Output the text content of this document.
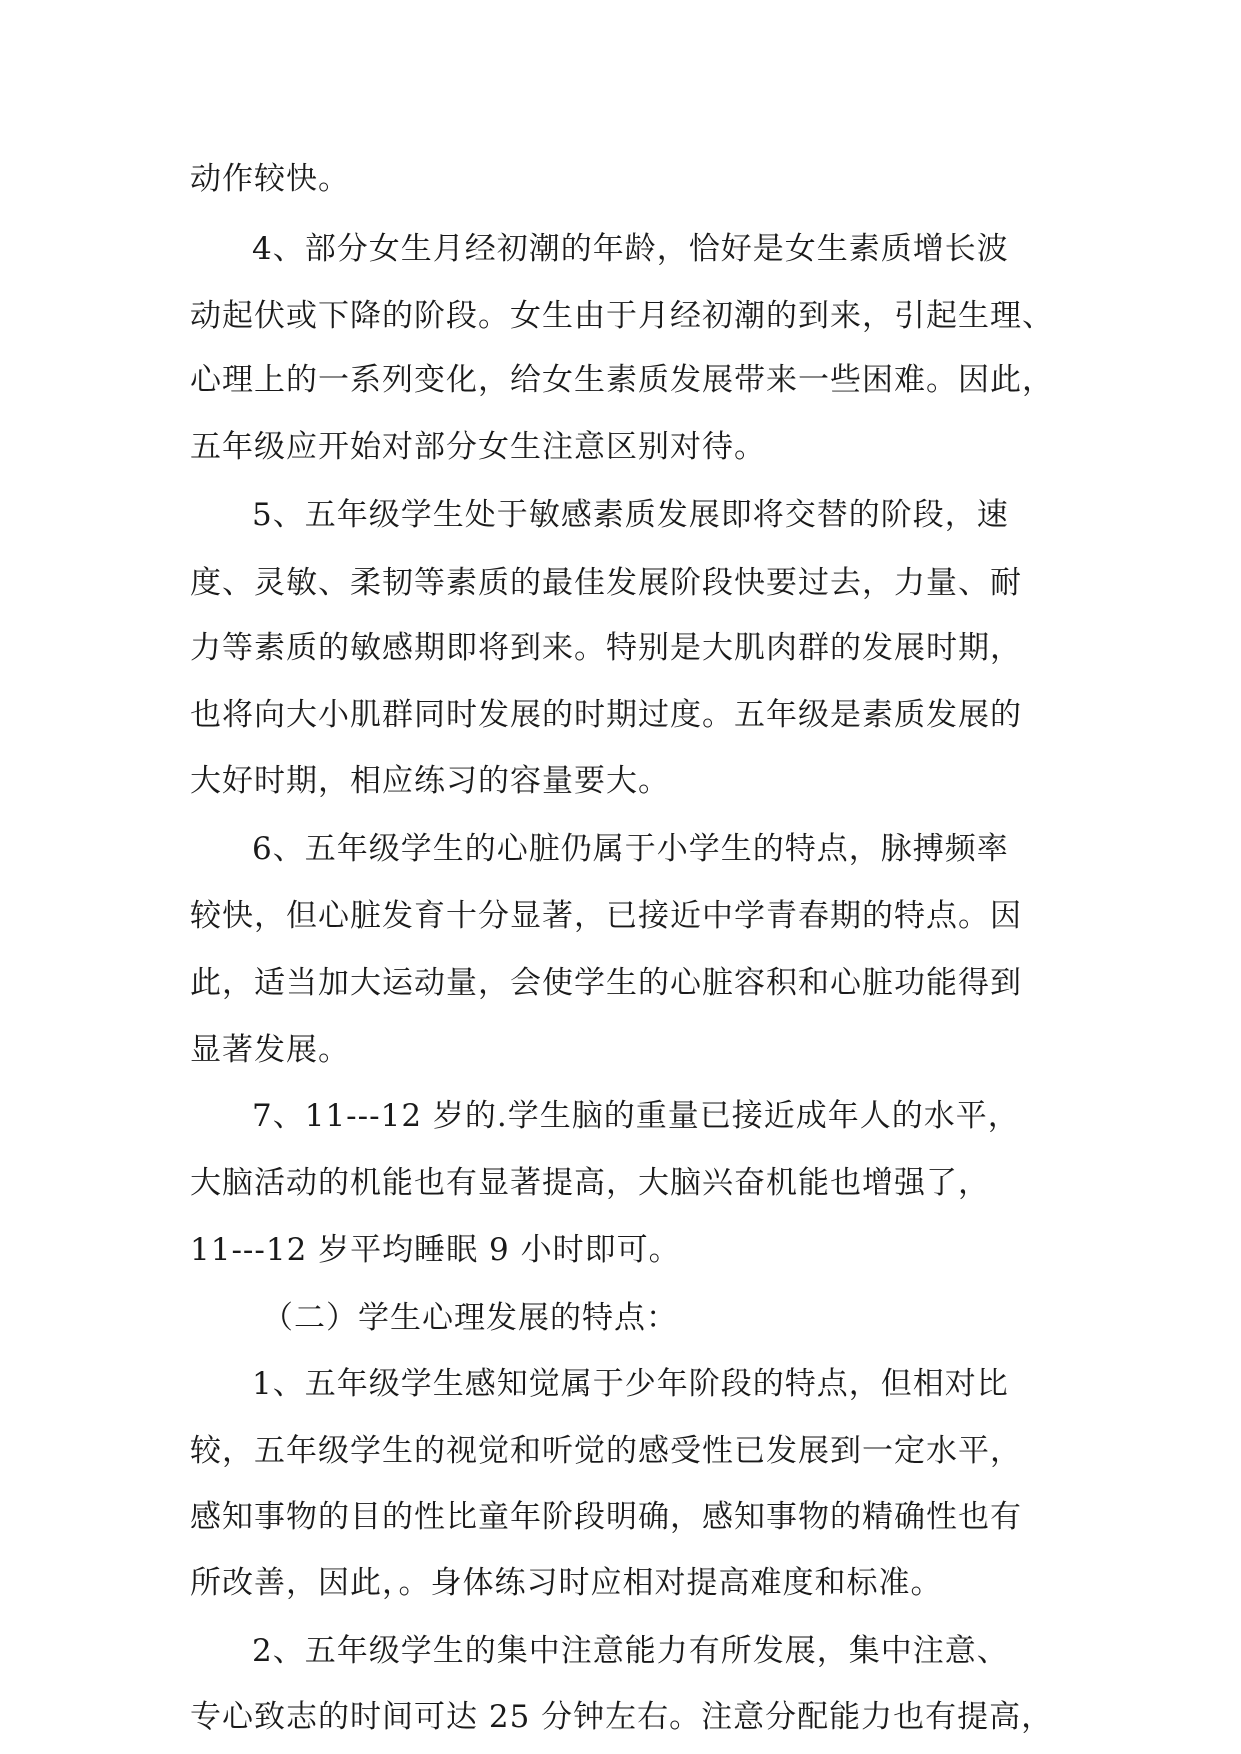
动作较快。
4、部分女生月经初潮的年龄，恰好是女生素质增长波
动起伏或下降的阶段。女生由于月经初潮的到来，引起生理、
心理上的一系列变化，给女生素质发展带来一些困难。因此，
五年级应开始对部分女生注意区别对待。
5、五年级学生处于敏感素质发展即将交替的阶段，速
度、灵敏、柔韧等素质的最佳发展阶段快要过去，力量、耐
力等素质的敏感期即将到来。特别是大肌肉群的发展时期，
也将向大小肌群同时发展的时期过度。五年级是素质发展的
大好时期，相应练习的容量要大。
6、五年级学生的心脏仍属于小学生的特点，脉搏频率
较快，但心脏发育十分显著，已接近中学青春期的特点。因
此，适当加大运动量，会使学生的心脏容积和心脏功能得到
显著发展。
7、11---12 岁的.学生脑的重量已接近成年人的水平，
大脑活动的机能也有显著提高，大脑兴奋机能也增强了，
11---12 岁平均睡眠 9 小时即可。
（二）学生心理发展的特点：
1、五年级学生感知觉属于少年阶段的特点，但相对比
较，五年级学生的视觉和听觉的感受性已发展到一定水平，
感知事物的目的性比童年阶段明确，感知事物的精确性也有
所改善，因此，。身体练习时应相对提高难度和标准。
2、五年级学生的集中注意能力有所发展，集中注意、
专心致志的时间可达 25 分钟左右。注意分配能力也有提高，
